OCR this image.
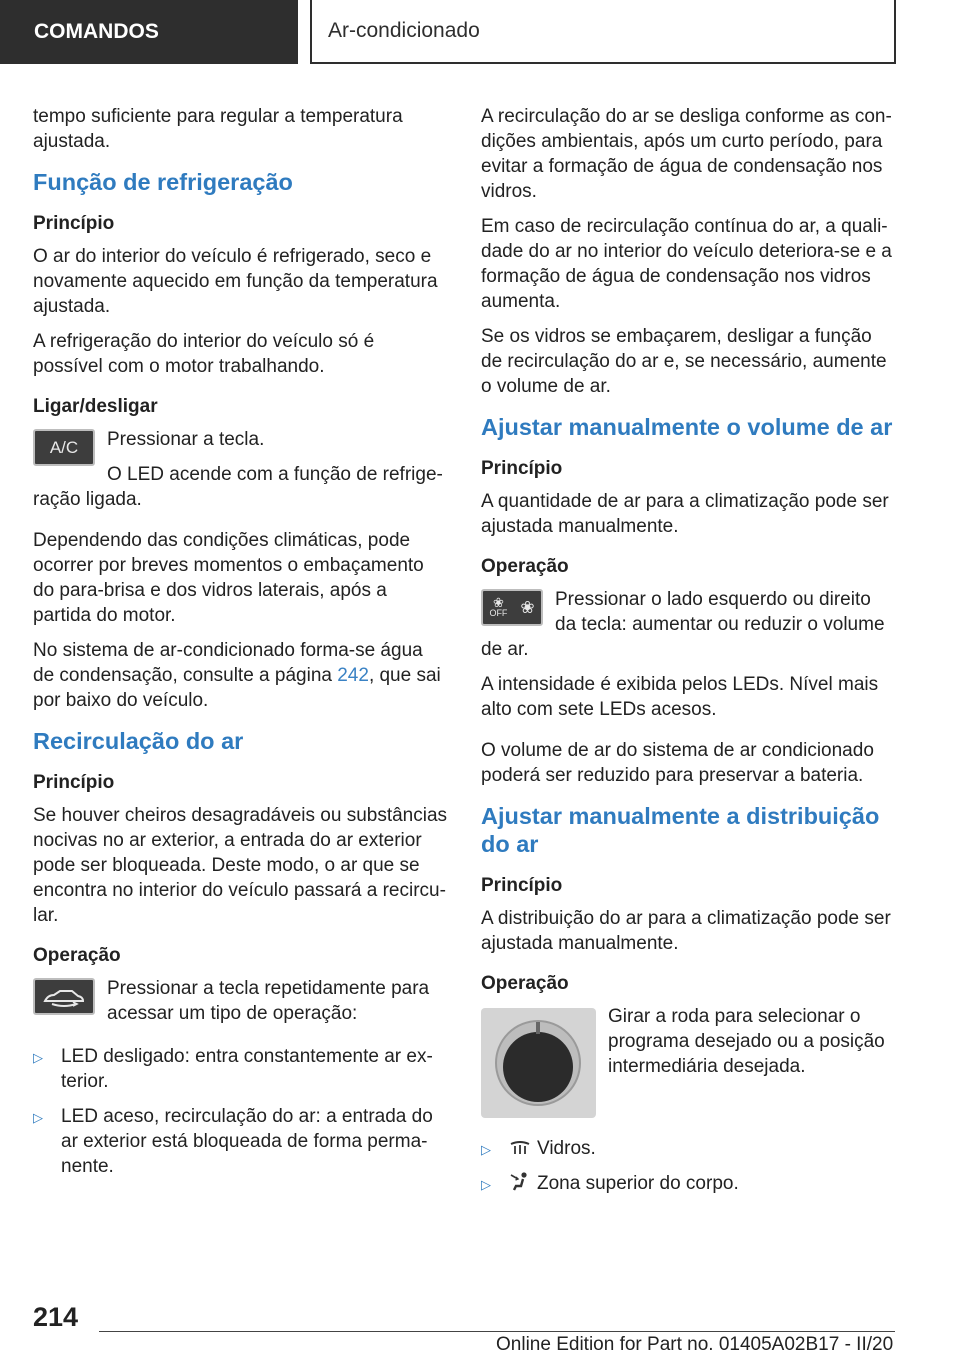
COMANDOS	Ar-condicionado

tempo suficiente para regular a temperatura ajustada.

Função de refrigeração
Princípio

O ar do interior do veículo é refrigerado, seco e novamente aquecido em função da temperatura ajustada.

A refrigeração do interior do veículo só é possível com o motor trabalhando.

Ligar/desligar
A/C	Pressionar a tecla.

O LED acende com a função de refrigeração ligada.

Dependendo das condições climáticas, pode ocorrer por breves momentos o embaçamento do para-brisa e dos vidros laterais, após a partida do motor.

No sistema de ar-condicionado forma-se água de condensação, consulte a página 242, que sai por baixo do veículo.

Recirculação do ar
Princípio

Se houver cheiros desagradáveis ou substâncias nocivas no ar exterior, a entrada do ar exterior pode ser bloqueada. Deste modo, o ar que se encontra no interior do veículo passará a recircular.

Operação

Pressionar a tecla repetidamente para acessar um tipo de operação:

▷ LED desligado: entra constantemente ar exterior.
▷ LED aceso, recirculação do ar: a entrada do ar exterior está bloqueada de forma permanente.

A recirculação do ar se desliga conforme as condições ambientais, após um curto período, para evitar a formação de água de condensação nos vidros.

Em caso de recirculação contínua do ar, a qualidade do ar no interior do veículo deteriora-se e a formação de água de condensação nos vidros aumenta.

Se os vidros se embaçarem, desligar a função de recirculação do ar e, se necessário, aumente o volume de ar.

Ajustar manualmente o volume de ar
Princípio

A quantidade de ar para a climatização pode ser ajustada manualmente.

Operação
❀
OFF ❀	Pressionar o lado esquerdo ou direito da tecla: aumentar ou reduzir o volume de ar.

A intensidade é exibida pelos LEDs. Nível mais alto com sete LEDs acesos.

O volume de ar do sistema de ar condicionado poderá ser reduzido para preservar a bateria.

Ajustar manualmente a distribuição do ar
Princípio

A distribuição do ar para a climatização pode ser ajustada manualmente.

Operação

Girar a roda para selecionar o programa desejado ou a posição intermediária desejada.

▷ Vidros.
▷ Zona superior do corpo.
214
Online Edition for Part no. 01405A02B17 - II/20
